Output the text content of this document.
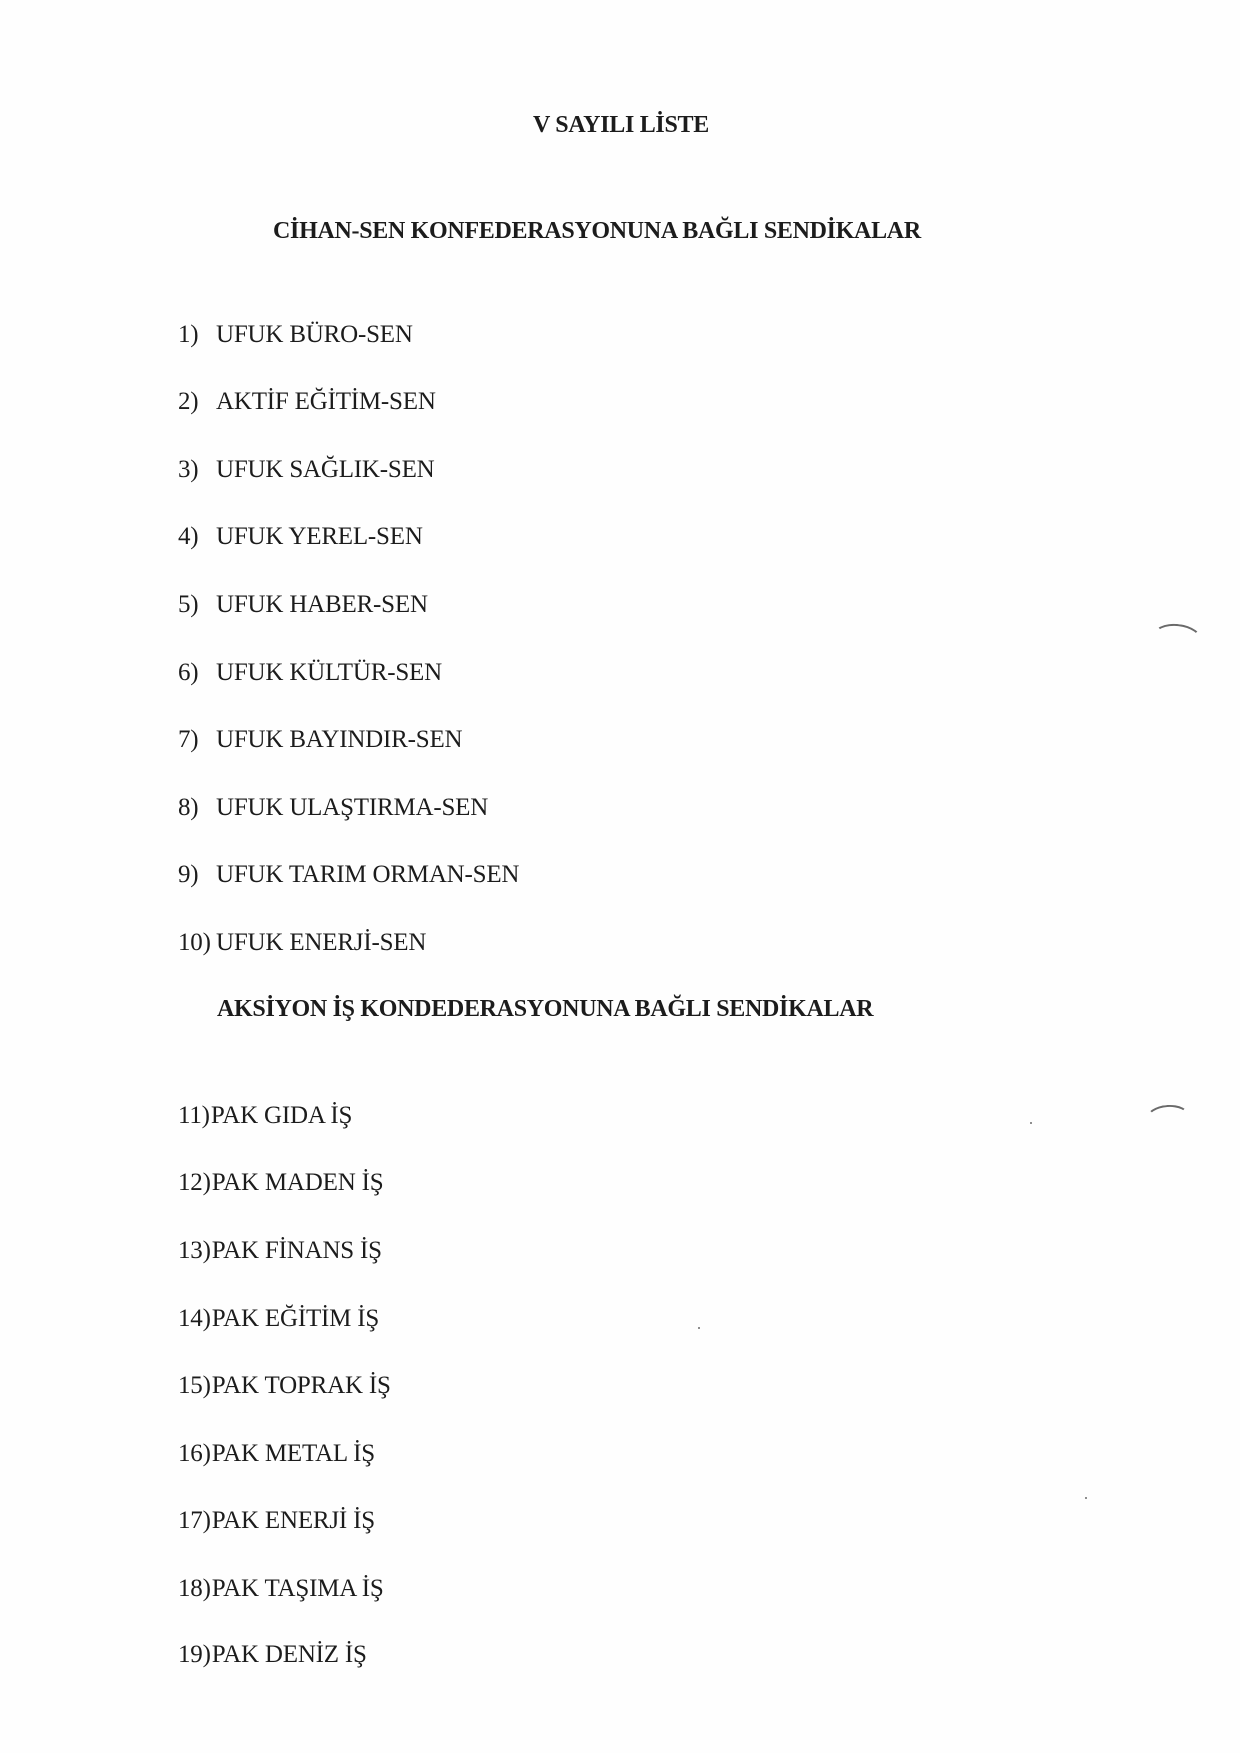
V SAYILI LİSTE
CİHAN-SEN KONFEDERASYONUNA BAĞLI SENDİKALAR
1) UFUK BÜRO-SEN
2) AKTİF EĞİTİM-SEN
3) UFUK SAĞLIK-SEN
4) UFUK YEREL-SEN
5) UFUK HABER-SEN
6) UFUK KÜLTÜR-SEN
7) UFUK BAYINDIR-SEN
8) UFUK ULAŞTIRMA-SEN
9) UFUK TARIM ORMAN-SEN
10) UFUK ENERJİ-SEN
AKSİYON İŞ KONDEDERASYONUNA BAĞLI SENDİKALAR
11)PAK GIDA İŞ
12)PAK MADEN İŞ
13)PAK FİNANS İŞ
14)PAK EĞİTİM İŞ
15)PAK TOPRAK İŞ
16)PAK METAL İŞ
17)PAK ENERJİ İŞ
18)PAK TAŞIMA İŞ
19)PAK DENİZ İŞ
